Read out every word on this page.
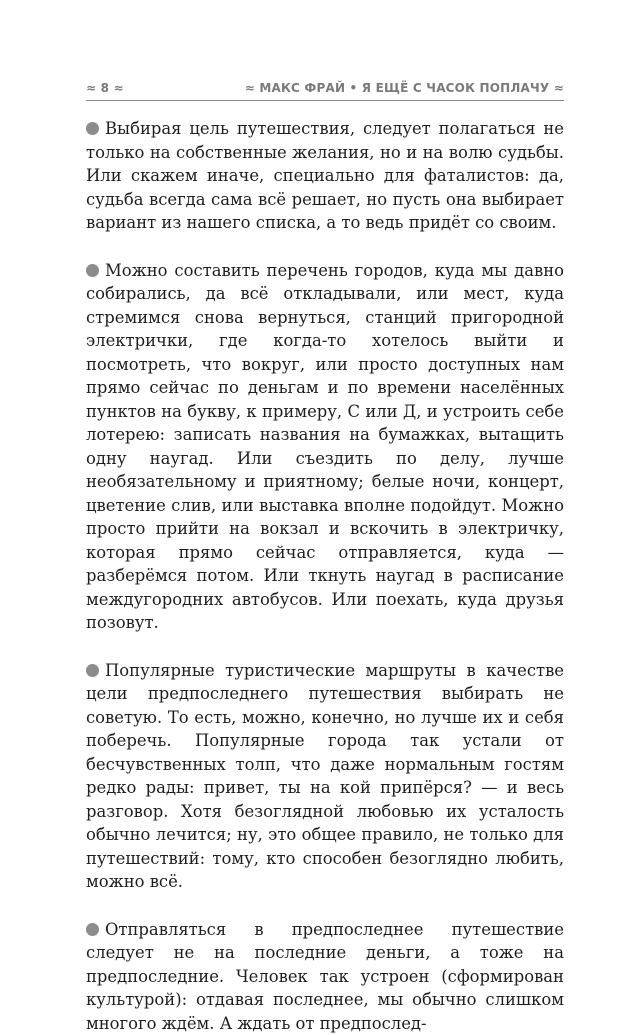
≈ 8 ≈	≈ МАКС ФРАЙ • Я ЕЩЁ С ЧАСОК ПОПЛАЧУ ≈

Выбирая цель путешествия, следует полагаться не только на собственные желания, но и на волю судьбы. Или скажем иначе, специально для фаталистов: да, судьба всегда сама всё решает, но пусть она выбирает вариант из нашего списка, а то ведь придёт со своим.

Можно составить перечень городов, куда мы давно собирались, да всё откладывали, или мест, куда стремимся снова вернуться, станций пригородной электрички, где когда-то хотелось выйти и посмотреть, что вокруг, или просто доступных нам прямо сейчас по деньгам и по времени населённых пунктов на букву, к примеру, С или Д, и устроить себе лотерею: записать названия на бумажках, вытащить одну наугад. Или съездить по делу, лучше необязательному и приятному; белые ночи, концерт, цветение слив, или выставка вполне подойдут. Можно просто прийти на вокзал и вскочить в электричку, которая прямо сейчас отправляется, куда — разберёмся потом. Или ткнуть наугад в расписание междугородних автобусов. Или поехать, куда друзья позовут.

Популярные туристические маршруты в качестве цели предпоследнего путешествия выбирать не советую. То есть, можно, конечно, но лучше их и себя поберечь. Популярные города так устали от бесчувственных толп, что даже нормальным гостям редко рады: привет, ты на кой припёрся? — и весь разговор. Хотя безоглядной любовью их усталость обычно лечится; ну, это общее правило, не только для путешествий: тому, кто способен безоглядно любить, можно всё.

Отправляться в предпоследнее путешествие следует не на последние деньги, а тоже на предпоследние. Человек так устроен (сформирован культурой): отдавая последнее, мы обычно слишком многого ждём. А ждать от предпослед-
